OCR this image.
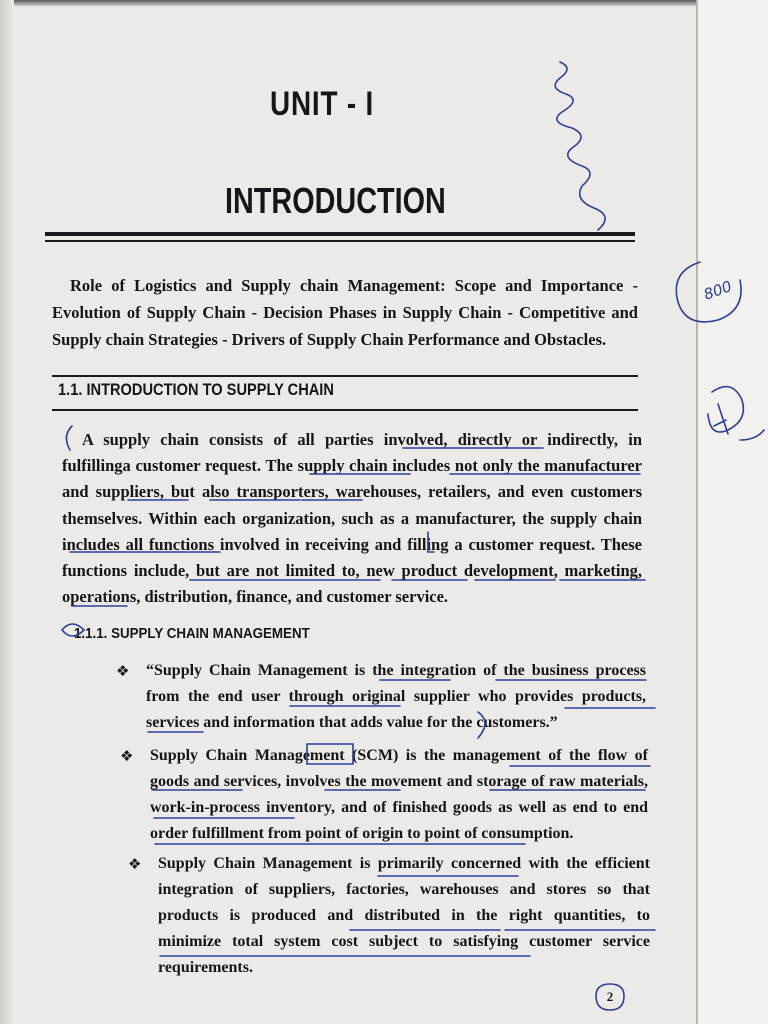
UNIT - I
INTRODUCTION

Role of Logistics and Supply chain Management: Scope and Importance - Evolution of Supply Chain - Decision Phases in Supply Chain - Competitive and Supply chain Strategies - Drivers of Supply Chain Performance and Obstacles.

1.1. INTRODUCTION TO SUPPLY CHAIN

A supply chain consists of all parties involved, directly or indirectly, in fulfillinga customer request. The supply chain includes not only the manufacturer and suppliers, but also transporters, warehouses, retailers, and even customers themselves. Within each organization, such as a manufacturer, the supply chain includes all functions involved in receiving and filling a customer request. These functions include, but are not limited to, new product development, marketing, operations, distribution, finance, and customer service.

1.1.1. SUPPLY CHAIN MANAGEMENT
❖ “Supply Chain Management is the integration of the business process from the end user through original supplier who provides products, services and information that adds value for the customers.”
❖ Supply Chain Management (SCM) is the management of the flow of goods and services, involves the movement and storage of raw materials, work-in-process inventory, and of finished goods as well as end to end order fulfillment from point of origin to point of consumption.
❖ Supply Chain Management is primarily concerned with the efficient integration of suppliers, factories, warehouses and stores so that products is produced and distributed in the right quantities, to minimize total system cost subject to satisfying customer service requirements.
2
800
